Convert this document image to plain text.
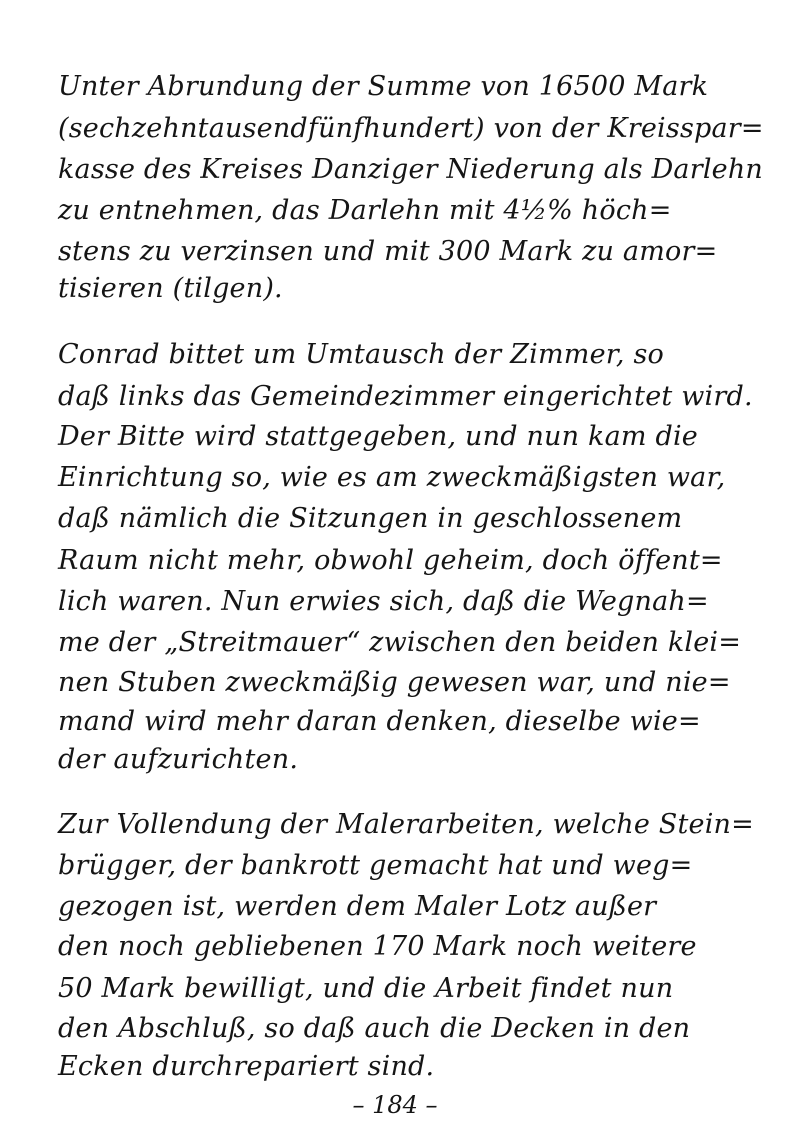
Unter Abrundung der Summe von 16500 Mark
(sechzehntausendfünfhundert) von der Kreisspar=
kasse des Kreises Danziger Niederung als Darlehn
zu entnehmen, das Darlehn mit 4½% höch=
stens zu verzinsen und mit 300 Mark zu amor=
tisieren (tilgen).
Conrad bittet um Umtausch der Zimmer, so
daß links das Gemeindezimmer eingerichtet wird.
Der Bitte wird stattgegeben, und nun kam die
Einrichtung so, wie es am zweckmäßigsten war,
daß nämlich die Sitzungen in geschlossenem
Raum nicht mehr, obwohl geheim, doch öffent=
lich waren. Nun erwies sich, daß die Wegnah=
me der „Streitmauer“ zwischen den beiden klei=
nen Stuben zweckmäßig gewesen war, und nie=
mand wird mehr daran denken, dieselbe wie=
der aufzurichten.
Zur Vollendung der Malerarbeiten, welche Stein=
brügger, der bankrott gemacht hat und weg=
gezogen ist, werden dem Maler Lotz außer
den noch gebliebenen 170 Mark noch weitere
50 Mark bewilligt, und die Arbeit findet nun
den Abschluß, so daß auch die Decken in den
Ecken durchrepariert sind.
– 184 –
